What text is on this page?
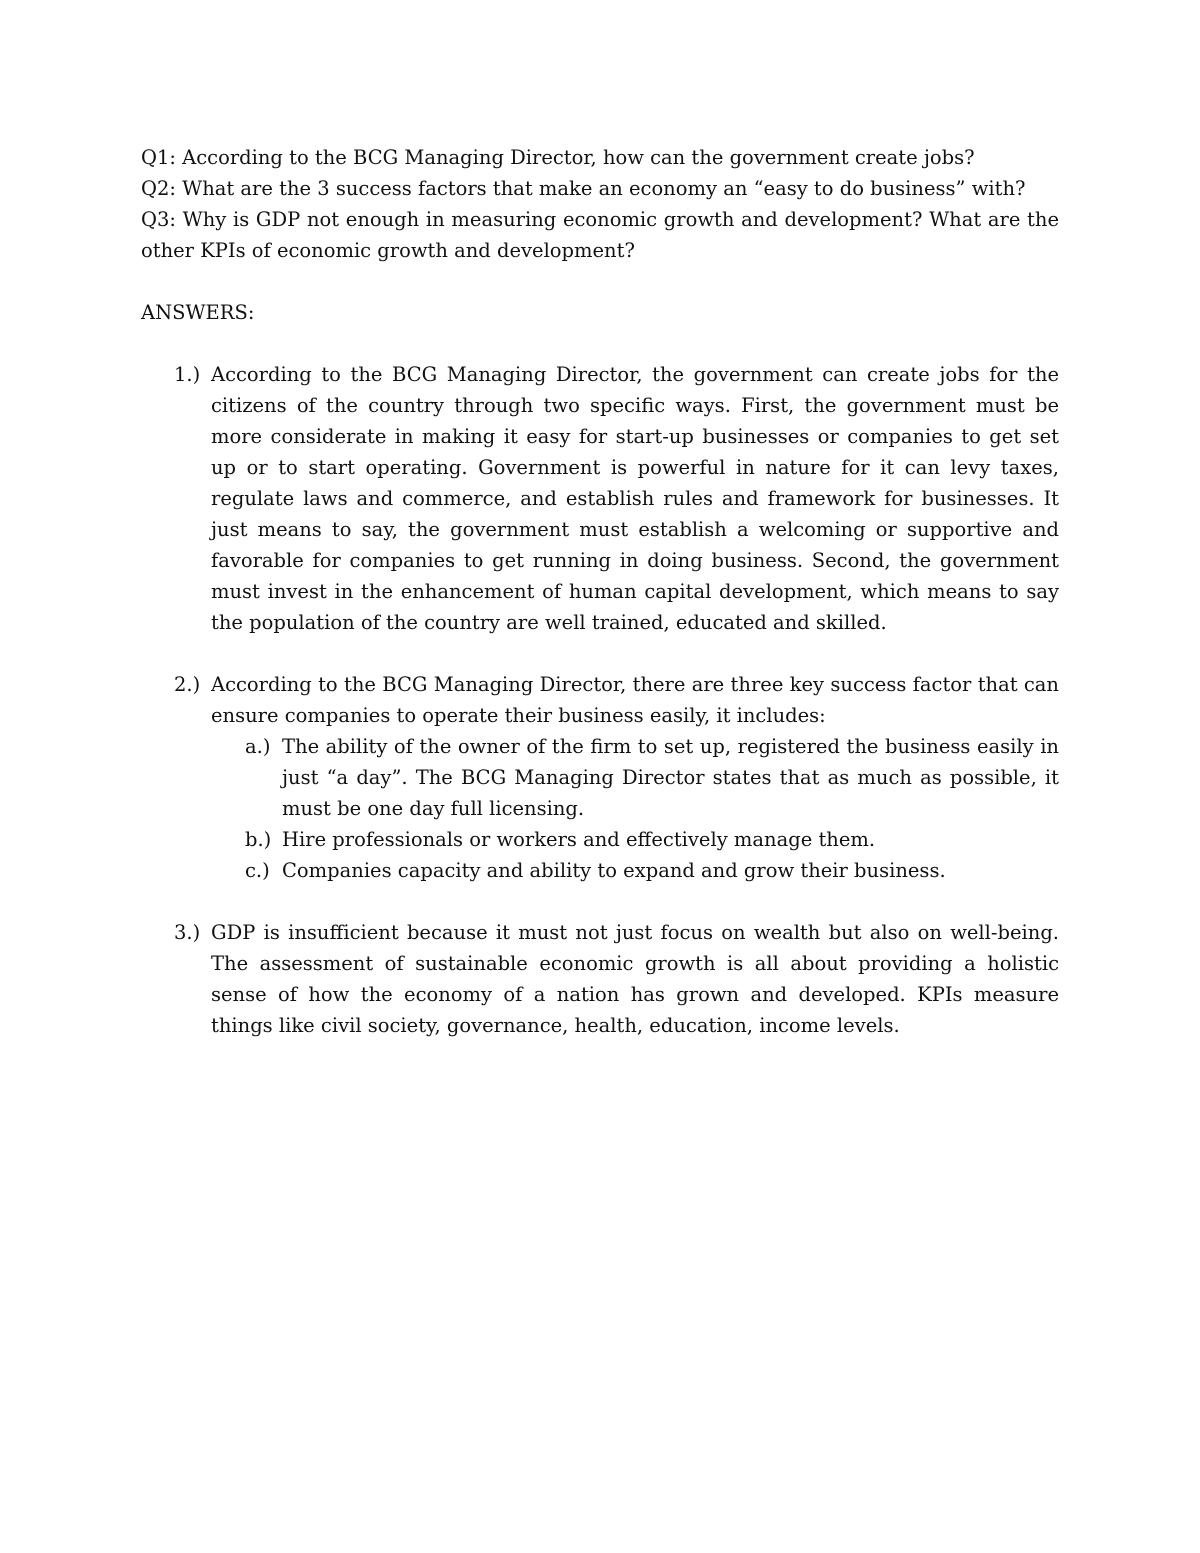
Q1: According to the BCG Managing Director, how can the government create jobs?

Q2: What are the 3 success factors that make an economy an “easy to do business” with?

Q3: Why is GDP not enough in measuring economic growth and development? What are the other KPIs of economic growth and development?

ANSWERS:

1.) According to the BCG Managing Director, the government can create jobs for the citizens of the country through two specific ways. First, the government must be more considerate in making it easy for start-up businesses or companies to get set up or to start operating. Government is powerful in nature for it can levy taxes, regulate laws and commerce, and establish rules and framework for businesses. It just means to say, the government must establish a welcoming or supportive and favorable for companies to get running in doing business. Second, the government must invest in the enhancement of human capital development, which means to say the population of the country are well trained, educated and skilled.

2.) According to the BCG Managing Director, there are three key success factor that can ensure companies to operate their business easily, it includes:

a.) The ability of the owner of the firm to set up, registered the business easily in just “a day”. The BCG Managing Director states that as much as possible, it must be one day full licensing.
b.) Hire professionals or workers and effectively manage them.
c.) Companies capacity and ability to expand and grow their business.
3.) GDP is insufficient because it must not just focus on wealth but also on well-being. The assessment of sustainable economic growth is all about providing a holistic sense of how the economy of a nation has grown and developed. KPIs measure things like civil society, governance, health, education, income levels.
